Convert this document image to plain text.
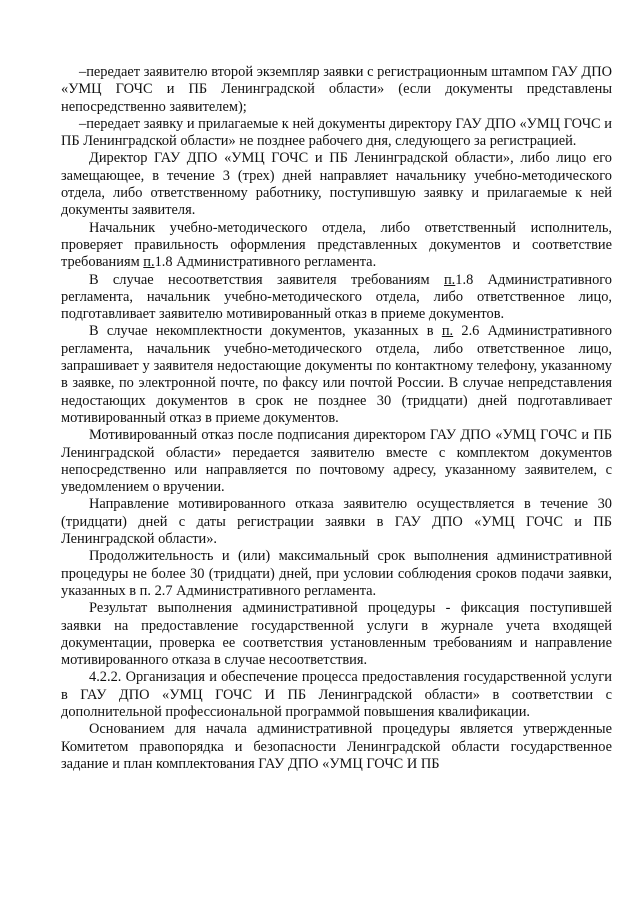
–передает заявителю второй экземпляр заявки с регистрационным штампом ГАУ ДПО «УМЦ ГОЧС и ПБ Ленинградской области» (если документы представлены непосредственно заявителем);

–передает заявку и прилагаемые к ней документы директору ГАУ ДПО «УМЦ ГОЧС и ПБ Ленинградской области» не позднее рабочего дня, следующего за регистрацией.

Директор ГАУ ДПО «УМЦ ГОЧС и ПБ Ленинградской области», либо лицо его замещающее, в течение 3 (трех) дней направляет начальнику учебно-методического отдела, либо ответственному работнику, поступившую заявку и прилагаемые к ней документы заявителя.

Начальник учебно-методического отдела, либо ответственный исполнитель, проверяет правильность оформления представленных документов и соответствие требованиям п.1.8 Административного регламента.

В случае несоответствия заявителя требованиям п.1.8 Административного регламента, начальник учебно-методического отдела, либо ответственное лицо, подготавливает заявителю мотивированный отказ в приеме документов.

В случае некомплектности документов, указанных в п. 2.6 Административного регламента, начальник учебно-методического отдела, либо ответственное лицо, запрашивает у заявителя недостающие документы по контактному телефону, указанному в заявке, по электронной почте, по факсу или почтой России. В случае непредставления недостающих документов в срок не позднее 30 (тридцати) дней подготавливает мотивированный отказ в приеме документов.

Мотивированный отказ после подписания директором ГАУ ДПО «УМЦ ГОЧС и ПБ Ленинградской области» передается заявителю вместе с комплектом документов непосредственно или направляется по почтовому адресу, указанному заявителем, с уведомлением о вручении.

Направление мотивированного отказа заявителю осуществляется в течение 30 (тридцати) дней с даты регистрации заявки в ГАУ ДПО «УМЦ ГОЧС и ПБ Ленинградской области».

Продолжительность и (или) максимальный срок выполнения административной процедуры не более 30 (тридцати) дней, при условии соблюдения сроков подачи заявки, указанных в п. 2.7 Административного регламента.

Результат выполнения административной процедуры - фиксация поступившей заявки на предоставление государственной услуги в журнале учета входящей документации, проверка ее соответствия установленным требованиям и направление мотивированного отказа в случае несоответствия.

4.2.2. Организация и обеспечение процесса предоставления государственной услуги в ГАУ ДПО «УМЦ ГОЧС И ПБ Ленинградской области» в соответствии с дополнительной профессиональной программой повышения квалификации.

Основанием для начала административной процедуры является утвержденные Комитетом правопорядка и безопасности Ленинградской области государственное задание и план комплектования ГАУ ДПО «УМЦ ГОЧС И ПБ
